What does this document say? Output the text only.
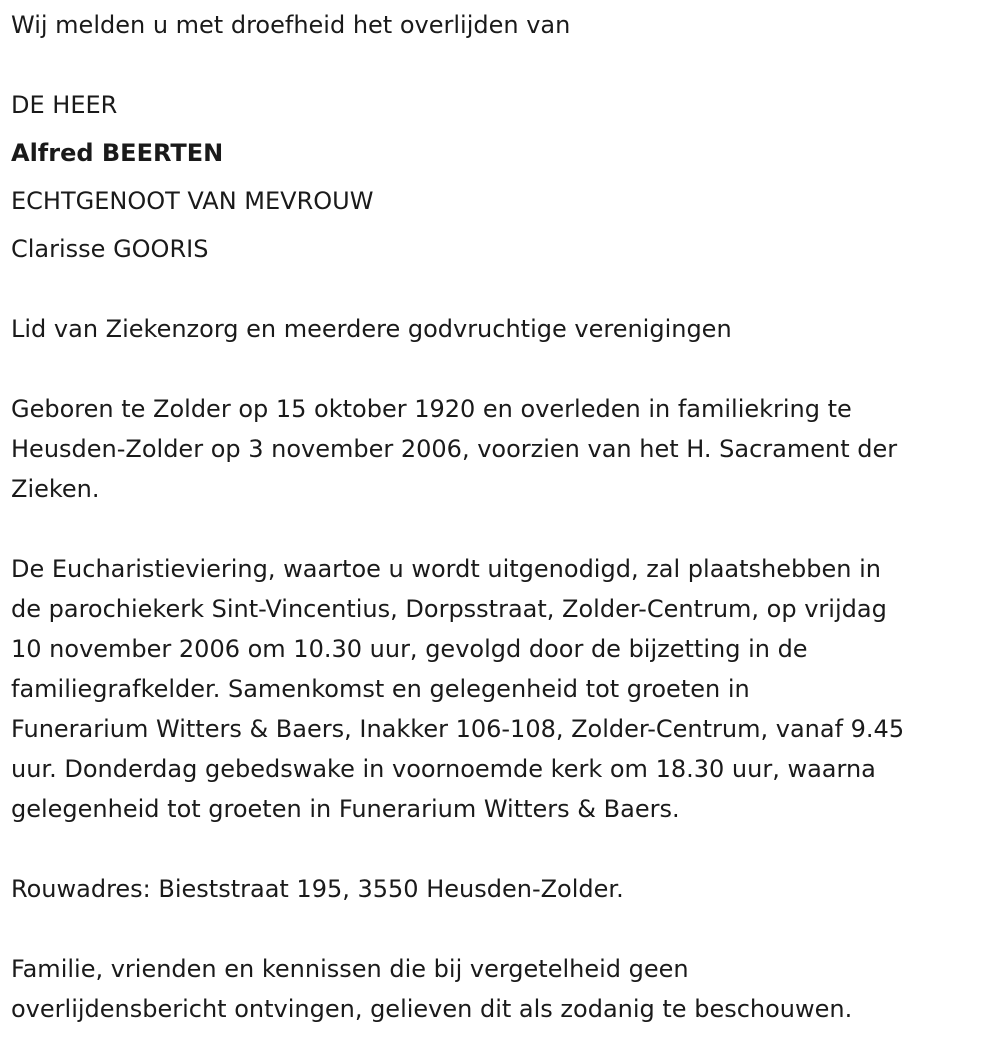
Wij melden u met droefheid het overlijden van
DE HEER
Alfred BEERTEN
ECHTGENOOT VAN MEVROUW
Clarisse GOORIS
Lid van Ziekenzorg en meerdere godvruchtige verenigingen
Geboren te Zolder op 15 oktober 1920 en overleden in familiekring te
Heusden-Zolder op 3 november 2006, voorzien van het H. Sacrament der
Zieken.
De Eucharistieviering, waartoe u wordt uitgenodigd, zal plaatshebben in
de parochiekerk Sint-Vincentius, Dorpsstraat, Zolder-Centrum, op vrijdag
10 november 2006 om 10.30 uur, gevolgd door de bijzetting in de
familiegrafkelder. Samenkomst en gelegenheid tot groeten in
Funerarium Witters & Baers, Inakker 106-108, Zolder-Centrum, vanaf 9.45
uur. Donderdag gebedswake in voornoemde kerk om 18.30 uur, waarna
gelegenheid tot groeten in Funerarium Witters & Baers.
Rouwadres: Bieststraat 195, 3550 Heusden-Zolder.
Familie, vrienden en kennissen die bij vergetelheid geen
overlijdensbericht ontvingen, gelieven dit als zodanig te beschouwen.
